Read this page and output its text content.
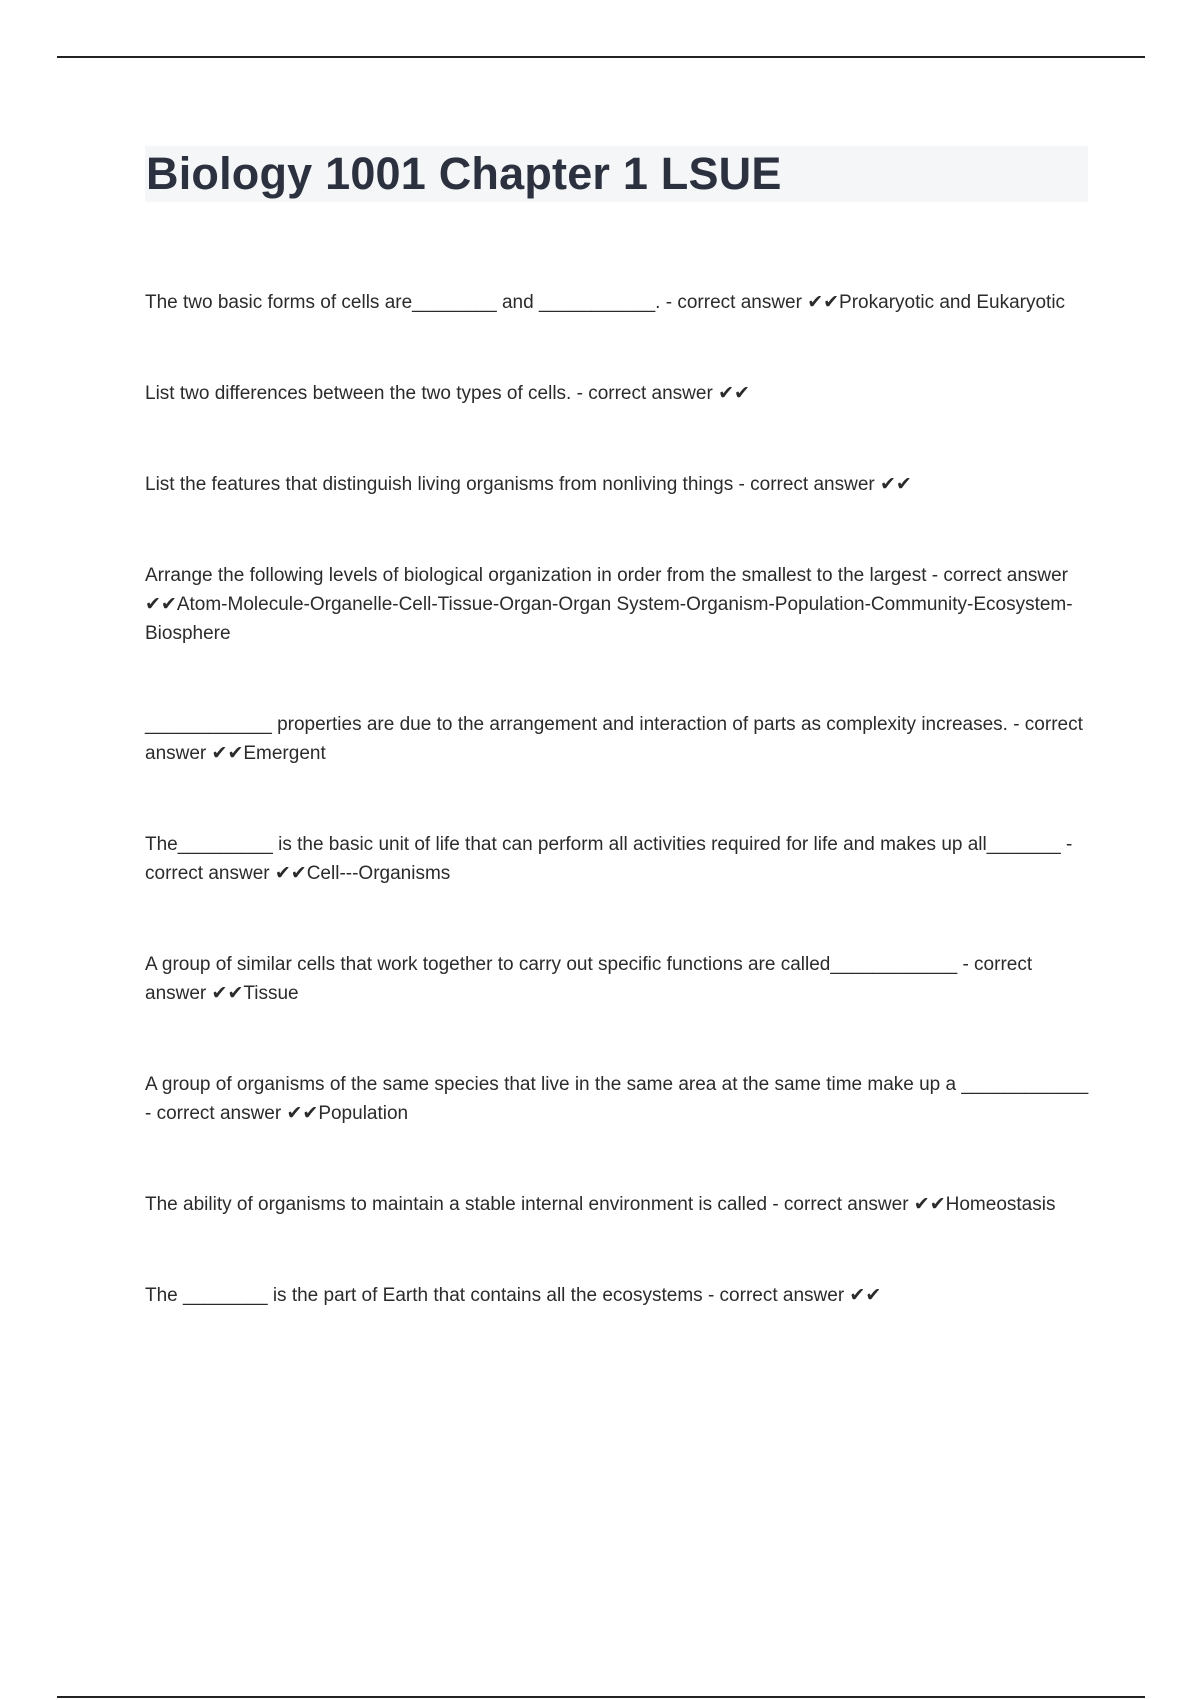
Biology 1001 Chapter 1 LSUE
The two basic forms of cells are________ and ___________. - correct answer ✔✔Prokaryotic and Eukaryotic
List two differences between the two types of cells. - correct answer ✔✔
List the features that distinguish living organisms from nonliving things - correct answer ✔✔
Arrange the following levels of biological organization in order from the smallest to the largest - correct answer ✔✔Atom-Molecule-Organelle-Cell-Tissue-Organ-Organ System-Organism-Population-Community-Ecosystem-Biosphere
____________ properties are due to the arrangement and interaction of parts as complexity increases. - correct answer ✔✔Emergent
The_________ is the basic unit of life that can perform all activities required for life and makes up all_______ - correct answer ✔✔Cell---Organisms
A group of similar cells that work together to carry out specific functions are called____________ - correct answer ✔✔Tissue
A group of organisms of the same species that live in the same area at the same time make up a ____________ - correct answer ✔✔Population
The ability of organisms to maintain a stable internal environment is called - correct answer ✔✔Homeostasis
The ________ is the part of Earth that contains all the ecosystems - correct answer ✔✔
